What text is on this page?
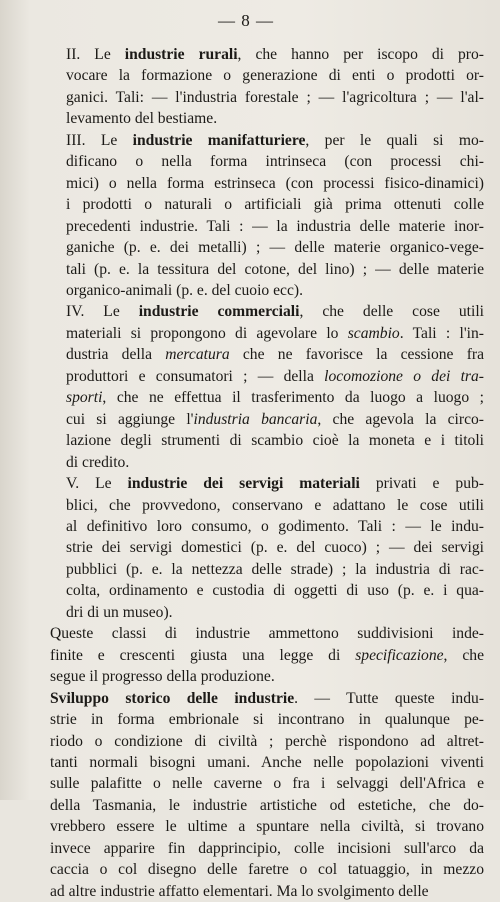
— 8 —

II. Le industrie rurali, che hanno per iscopo di pro-
vocare la formazione o generazione di enti o prodotti or-
ganici. Tali: — l'industria forestale ; — l'agricoltura ; — l'al-
levamento del bestiame.

III. Le industrie manifatturiere, per le quali si mo-
dificano o nella forma intrinseca (con processi chi-
mici) o nella forma estrinseca (con processi fisico-dinamici)
i prodotti o naturali o artificiali già prima ottenuti colle
precedenti industrie. Tali : — la industria delle materie inor-
ganiche (p. e. dei metalli) ; — delle materie organico-vege-
tali (p. e. la tessitura del cotone, del lino) ; — delle materie
organico-animali (p. e. del cuoio ecc).

IV. Le industrie commerciali, che delle cose utili
materiali si propongono di agevolare lo scambio. Tali : l'in-
dustria della mercatura che ne favorisce la cessione fra
produttori e consumatori ; — della locomozione o dei tra-
sporti, che ne effettua il trasferimento da luogo a luogo ;
cui si aggiunge l'industria bancaria, che agevola la circo-
lazione degli strumenti di scambio cioè la moneta e i titoli
di credito.

V. Le industrie dei servigi materiali privati e pub-
blici, che provvedono, conservano e adattano le cose utili
al definitivo loro consumo, o godimento. Tali : — le indu-
strie dei servigi domestici (p. e. del cuoco) ; — dei servigi
pubblici (p. e. la nettezza delle strade) ; la industria di rac-
colta, ordinamento e custodia di oggetti di uso (p. e. i qua-
dri di un museo).

Queste classi di industrie ammettono suddivisioni inde-
finite e crescenti giusta una legge di specificazione, che
segue il progresso della produzione.

Sviluppo storico delle industrie. — Tutte queste indu-
strie in forma embrionale si incontrano in qualunque pe-
riodo o condizione di civiltà ; perchè rispondono ad altret-
tanti normali bisogni umani. Anche nelle popolazioni viventi
sulle palafitte o nelle caverne o fra i selvaggi dell'Africa e
della Tasmania, le industrie artistiche od estetiche, che do-
vrebbero essere le ultime a spuntare nella civiltà, si trovano
invece apparire fin dapprincipio, colle incisioni sull'arco da
caccia o col disegno delle faretre o col tatuaggio, in mezzo
ad altre industrie affatto elementari. Ma lo svolgimento delle
